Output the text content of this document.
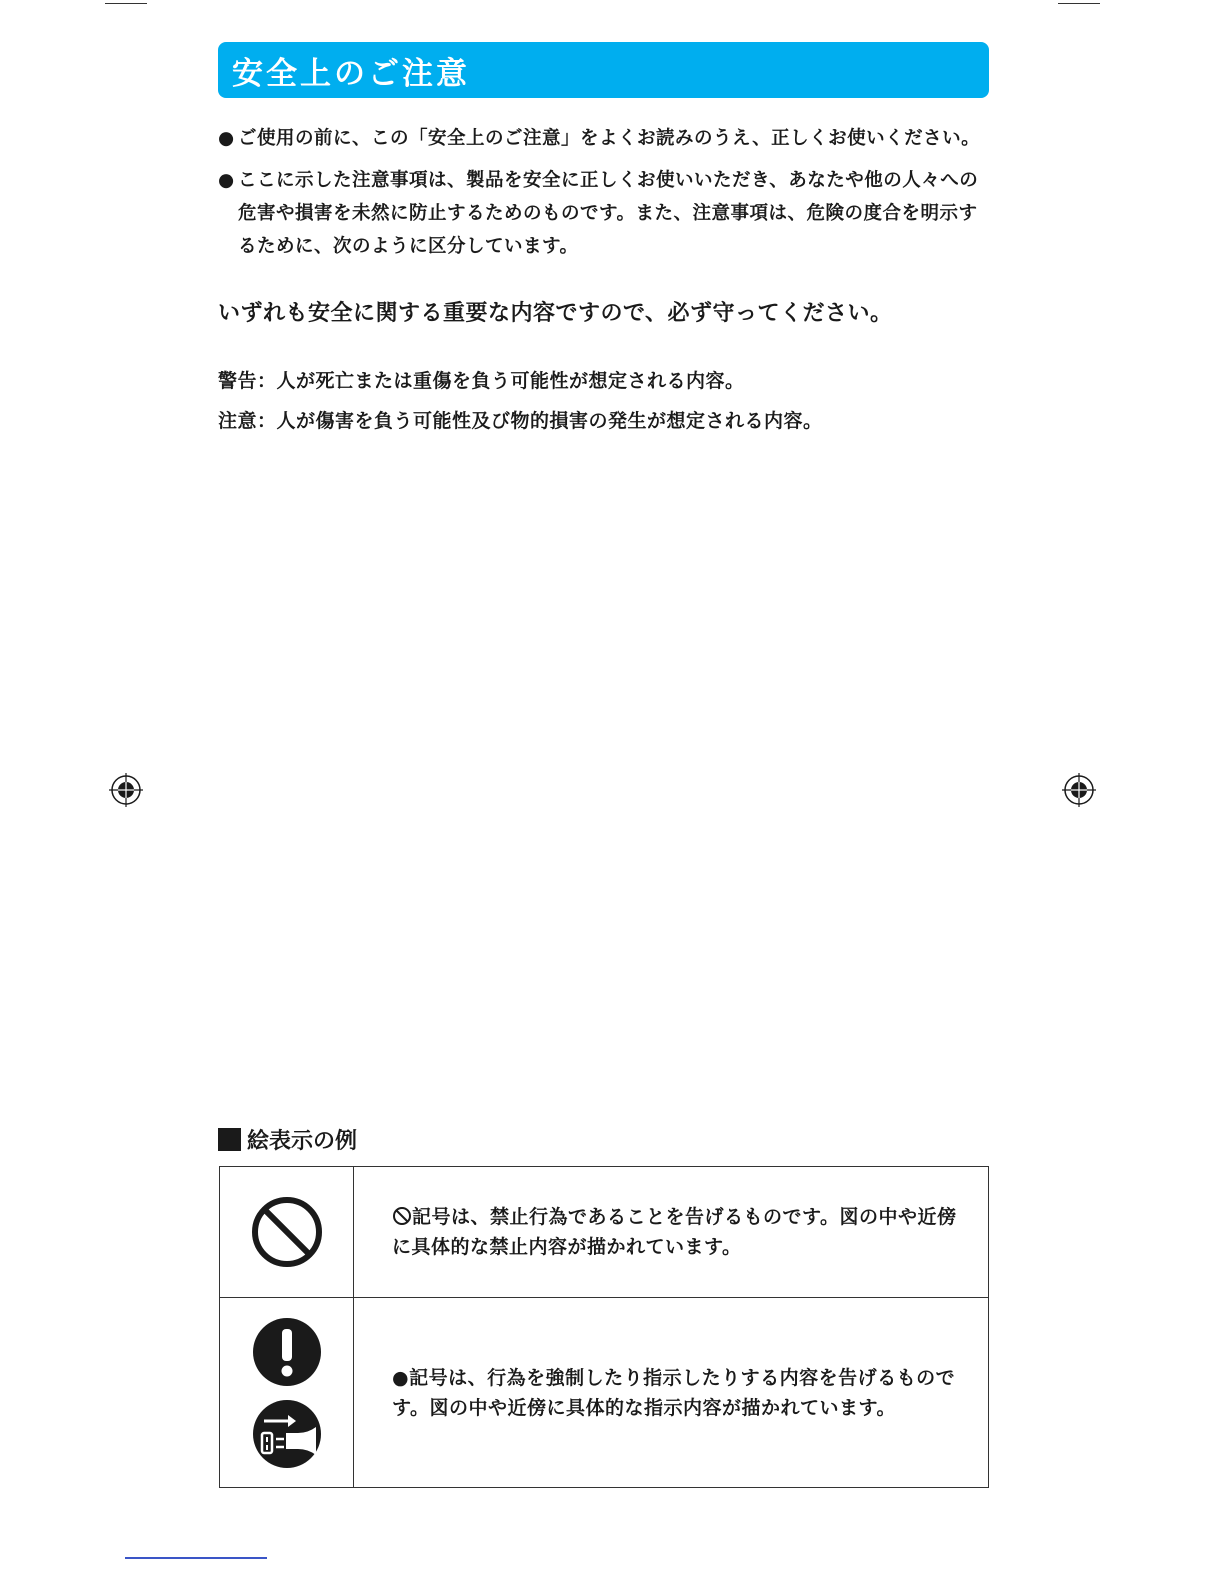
安全上のご注意
● ご使用の前に、この「安全上のご注意」をよくお読みのうえ、正しくお使いください。
● ここに示した注意事項は、製品を安全に正しくお使いいただき、あなたや他の人々への危害や損害を未然に防止するためのものです。また、注意事項は、危険の度合を明示するために、次のように区分しています。
いずれも安全に関する重要な内容ですので、必ず守ってください。
警告：人が死亡または重傷を負う可能性が想定される内容。
注意：人が傷害を負う可能性及び物的損害の発生が想定される内容。
絵表示の例
記号は、禁止行為であることを告げるものです。図の中や近傍に具体的な禁止内容が描かれています。
●記号は、行為を強制したり指示したりする内容を告げるものです。図の中や近傍に具体的な指示内容が描かれています。
